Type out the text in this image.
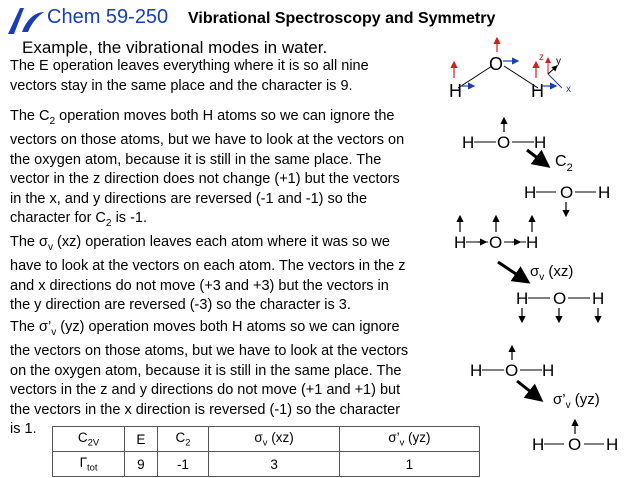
Chem 59-250 Vibrational Spectroscopy and Symmetry
Example, the vibrational modes in water.
The E operation leaves everything where it is so all nine
vectors stay in the same place and the character is 9.
The $C_2$ operation moves both H atoms so we can ignore the
vectors on those atoms, but we have to look at the vectors on
the oxygen atom, because it is still in the same place. The
vector in the z direction does not change (+1) but the vectors
in the x, and y directions are reversed (-1 and -1) so the
character for $C_2$ is -1.
The $\sigma_v$ (xz) operation leaves each atom where it was so we
have to look at the vectors on each atom. The vectors in the z
and x directions do not move (+3 and +3) but the vectors in
the y direction are reversed (-3) so the character is 3.
The $\sigma’_v$ (yz) operation moves both H atoms so we can ignore
the vectors on those atoms, but we have to look at the vectors
on the oxygen atom, because it is still in the same place. The
vectors in the z and y directions do not move (+1 and +1) but
the vectors in the x direction is reversed (-1) so the character
is 1.	$C_{2V}$	E	$C_2$	$\sigma_v$ (xz)	$\sigma’_v$ (yz)
$\Gamma_{tot}$	9	-1	3	1
O
H	H
z y
x
H O H
$C_2$
H O H
H O H
$\sigma_v$ (xz)
H O H
H O H
$\sigma’_v$ (yz)
H O H
